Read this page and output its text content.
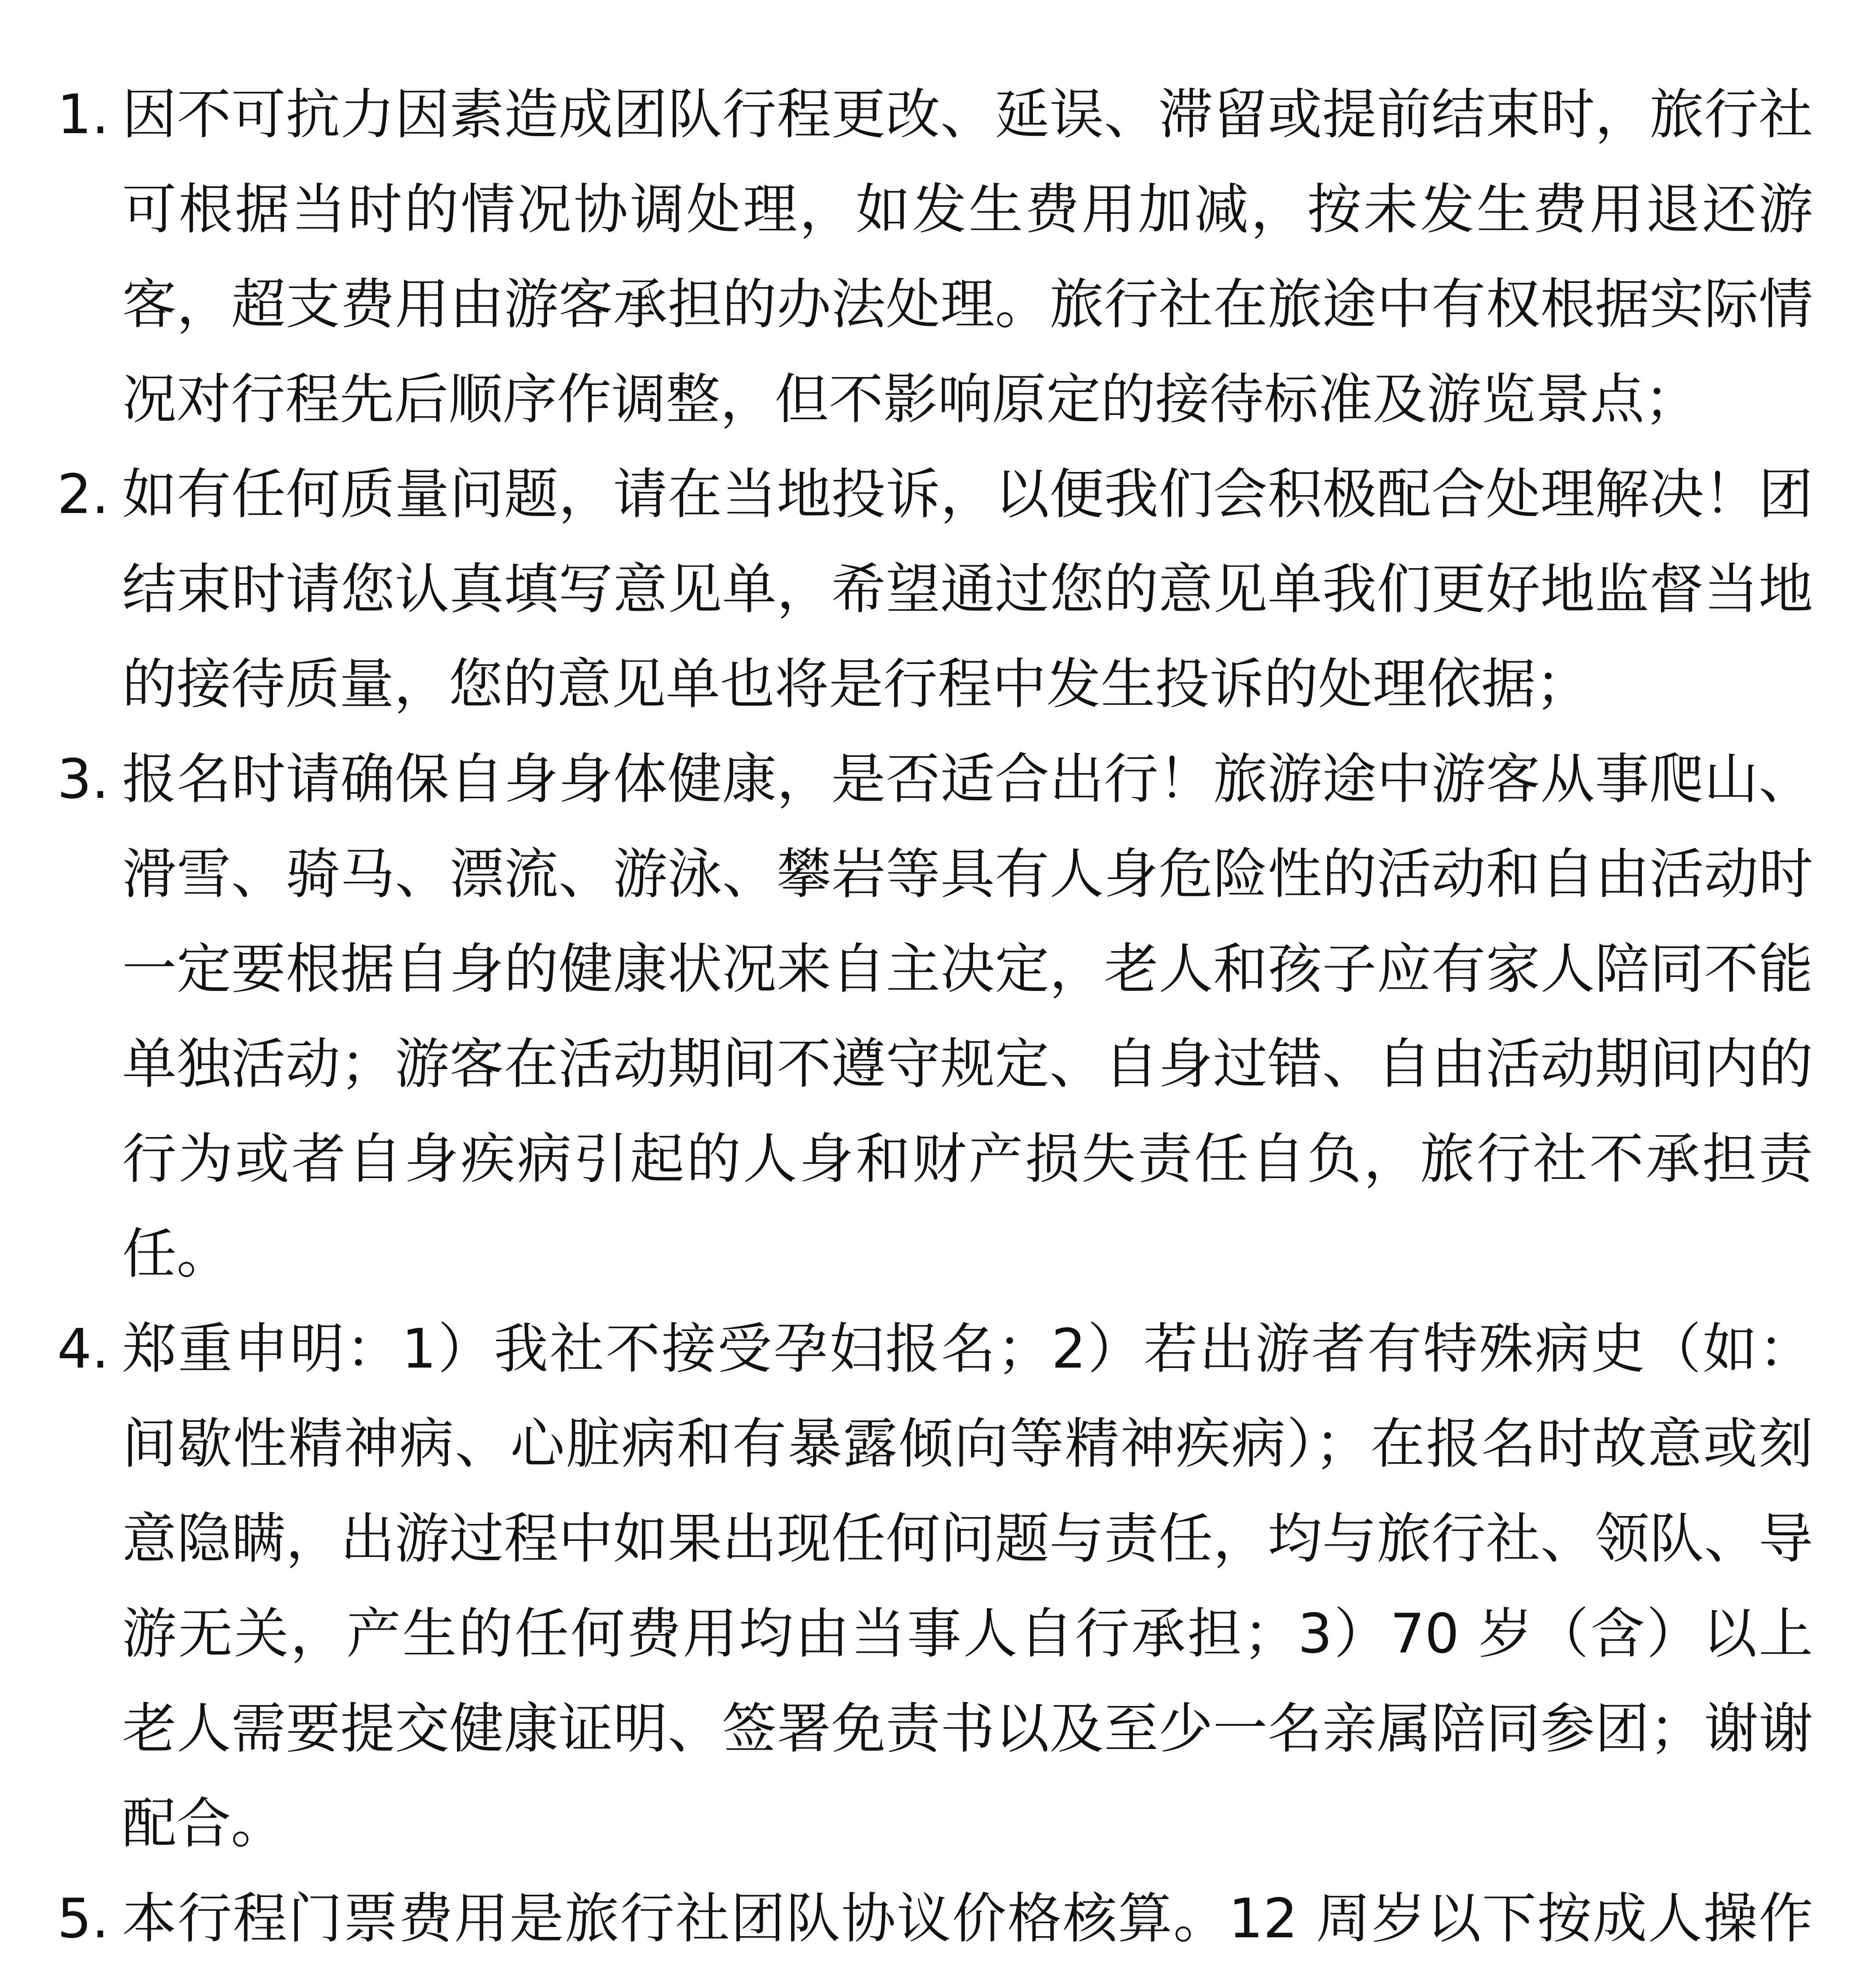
1. 因不可抗力因素造成团队行程更改、延误、滞留或提前结束时，旅行社可根据当时的情况协调处理，如发生费用加减，按未发生费用退还游客，超支费用由游客承担的办法处理。旅行社在旅途中有权根据实际情况对行程先后顺序作调整，但不影响原定的接待标准及游览景点；
2. 如有任何质量问题，请在当地投诉，以便我们会积极配合处理解决！团结束时请您认真填写意见单，希望通过您的意见单我们更好地监督当地的接待质量，您的意见单也将是行程中发生投诉的处理依据；
3. 报名时请确保自身身体健康，是否适合出行！旅游途中游客从事爬山、滑雪、骑马、漂流、游泳、攀岩等具有人身危险性的活动和自由活动时一定要根据自身的健康状况来自主决定，老人和孩子应有家人陪同不能单独活动；游客在活动期间不遵守规定、自身过错、自由活动期间内的行为或者自身疾病引起的人身和财产损失责任自负，旅行社不承担责任。
4. 郑重申明：1）我社不接受孕妇报名；2）若出游者有特殊病史（如：间歇性精神病、心脏病和有暴露倾向等精神疾病）；在报名时故意或刻意隐瞒，出游过程中如果出现任何问题与责任，均与旅行社、领队、导游无关，产生的任何费用均由当事人自行承担；3）70 岁（含）以上老人需要提交健康证明、签署免责书以及至少一名亲属陪同参团；谢谢配合。
5. 本行程门票费用是旅行社团队协议价格核算。12 周岁以下按成人操作
